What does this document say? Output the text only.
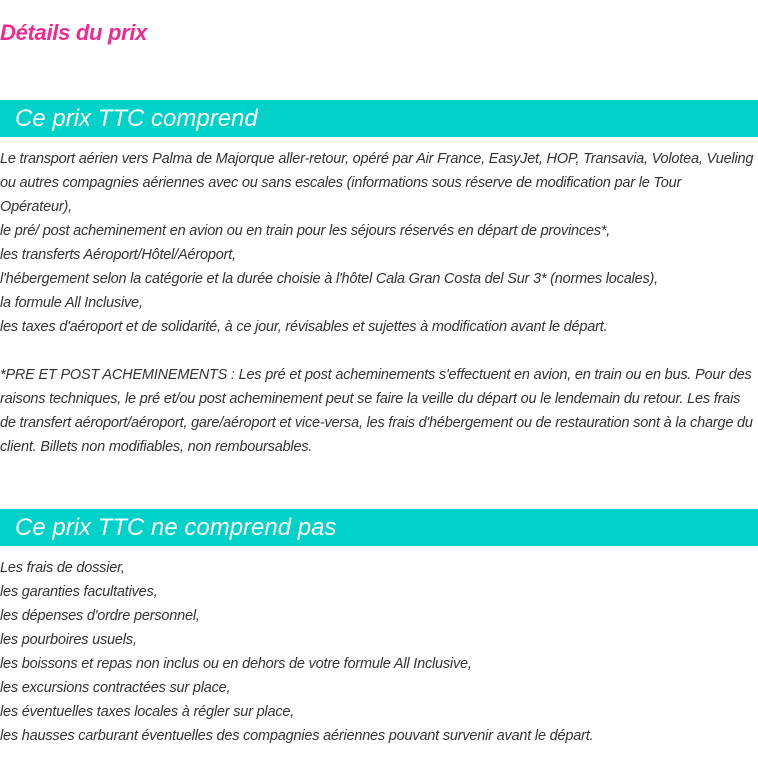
Détails du prix
Ce prix TTC comprend

Le transport aérien vers Palma de Majorque aller-retour, opéré par Air France, EasyJet, HOP, Transavia, Volotea, Vueling ou autres compagnies aériennes avec ou sans escales (informations sous réserve de modification par le Tour Opérateur),

le pré/ post acheminement en avion ou en train pour les séjours réservés en départ de provinces*,

les transferts Aéroport/Hôtel/Aéroport,

l'hébergement selon la catégorie et la durée choisie à l'hôtel Cala Gran Costa del Sur 3* (normes locales),

la formule All Inclusive,

les taxes d'aéroport et de solidarité, à ce jour, révisables et sujettes à modification avant le départ.

*PRE ET POST ACHEMINEMENTS : Les pré et post acheminements s'effectuent en avion, en train ou en bus. Pour des raisons techniques, le pré et/ou post acheminement peut se faire la veille du départ ou le lendemain du retour. Les frais de transfert aéroport/aéroport, gare/aéroport et vice-versa, les frais d'hébergement ou de restauration sont à la charge du client. Billets non modifiables, non remboursables.

Ce prix TTC ne comprend pas

Les frais de dossier,

les garanties facultatives,

les dépenses d'ordre personnel,

les pourboires usuels,

les boissons et repas non inclus ou en dehors de votre formule All Inclusive,

les excursions contractées sur place,

les éventuelles taxes locales à régler sur place,

les hausses carburant éventuelles des compagnies aériennes pouvant survenir avant le départ.
